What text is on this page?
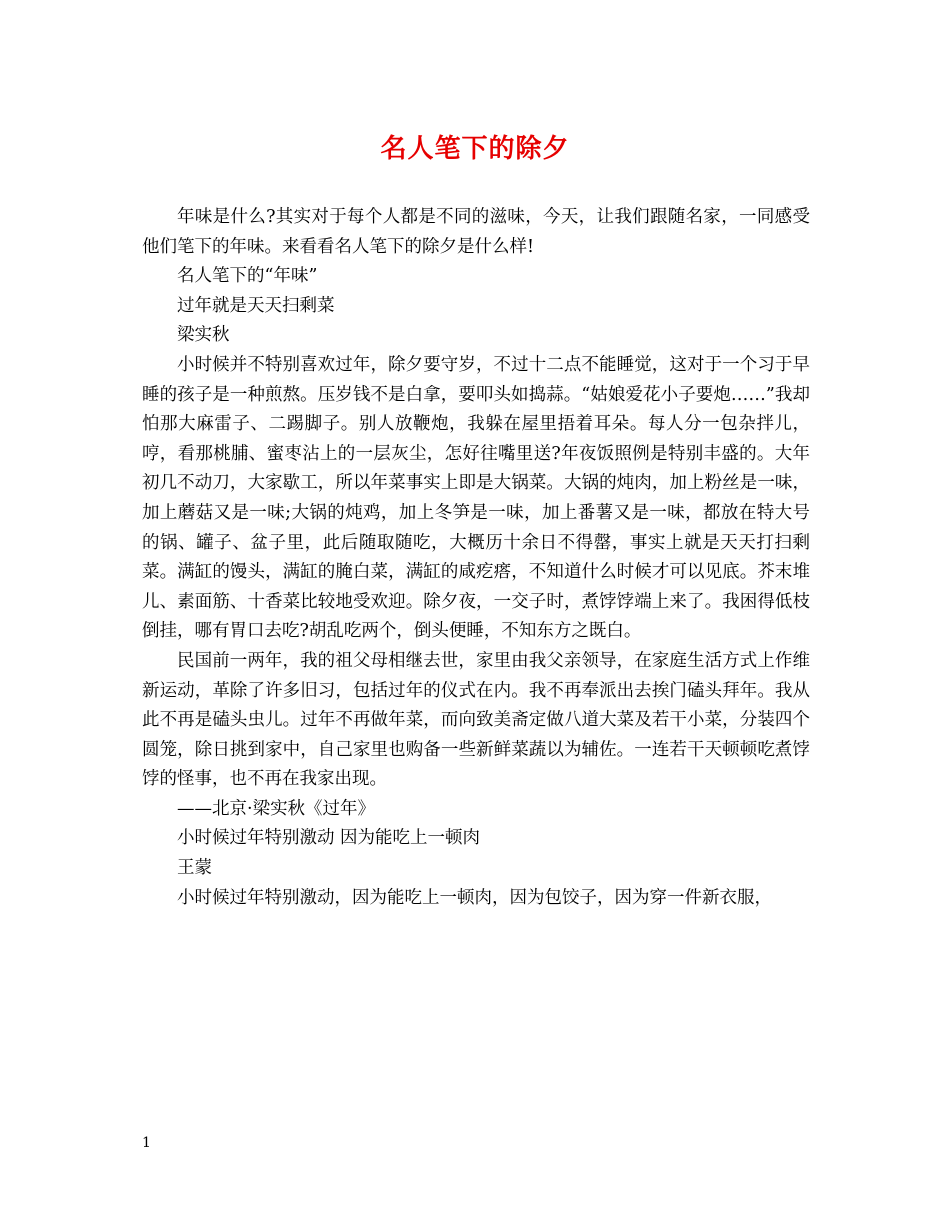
名人笔下的除夕

年味是什么?其实对于每个人都是不同的滋味，今天，让我们跟随名家，一同感受他们笔下的年味。来看看名人笔下的除夕是什么样!

名人笔下的“年味”

过年就是天天扫剩菜

梁实秋

小时候并不特别喜欢过年，除夕要守岁，不过十二点不能睡觉，这对于一个习于早睡的孩子是一种煎熬。压岁钱不是白拿，要叩头如捣蒜。“姑娘爱花小子要炮……”我却怕那大麻雷子、二踢脚子。别人放鞭炮，我躲在屋里捂着耳朵。每人分一包杂拌儿，哼，看那桃脯、蜜枣沾上的一层灰尘，怎好往嘴里送?年夜饭照例是特别丰盛的。大年初几不动刀，大家歇工，所以年菜事实上即是大锅菜。大锅的炖肉，加上粉丝是一味，加上蘑菇又是一味;大锅的炖鸡，加上冬笋是一味，加上番薯又是一味，都放在特大号的锅、罐子、盆子里，此后随取随吃，大概历十余日不得罄，事实上就是天天打扫剩菜。满缸的馒头，满缸的腌白菜，满缸的咸疙瘩，不知道什么时候才可以见底。芥末堆儿、素面筋、十香菜比较地受欢迎。除夕夜，一交子时，煮饽饽端上来了。我困得低枝倒挂，哪有胃口去吃?胡乱吃两个，倒头便睡，不知东方之既白。

民国前一两年，我的祖父母相继去世，家里由我父亲领导，在家庭生活方式上作维新运动，革除了许多旧习，包括过年的仪式在内。我不再奉派出去挨门磕头拜年。我从此不再是磕头虫儿。过年不再做年菜，而向致美斋定做八道大菜及若干小菜，分装四个圆笼，除日挑到家中，自己家里也购备一些新鲜菜蔬以为辅佐。一连若干天顿顿吃煮饽饽的怪事，也不再在我家出现。

——北京·梁实秋《过年》

小时候过年特别激动 因为能吃上一顿肉

王蒙

小时候过年特别激动，因为能吃上一顿肉，因为包饺子，因为穿一件新衣服，

1
